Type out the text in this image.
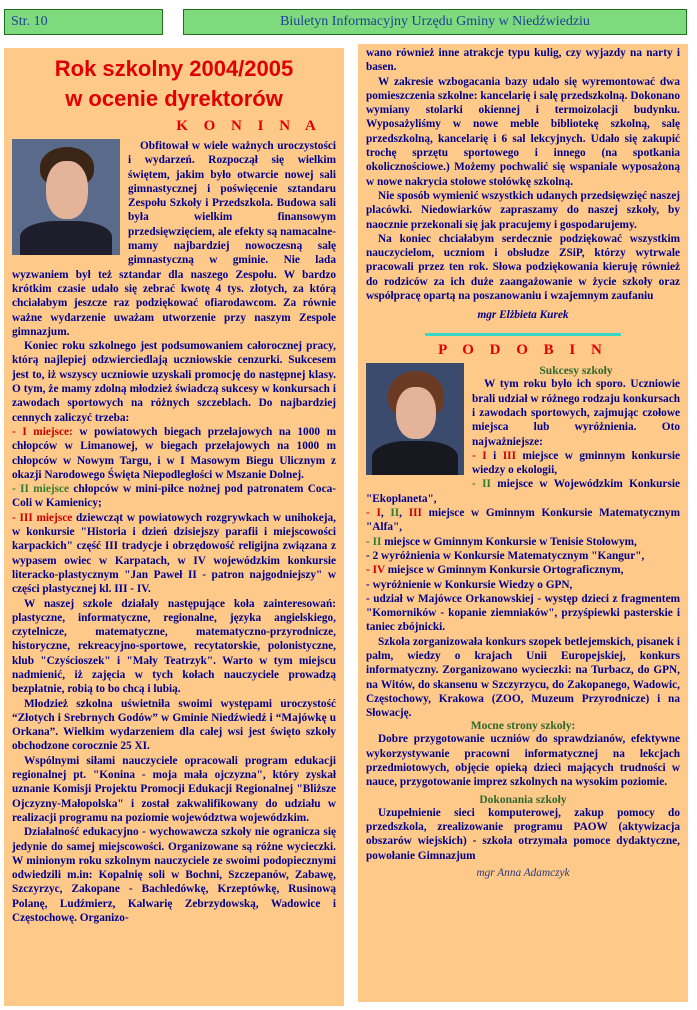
Str. 10	Biuletyn Informacyjny Urzędu Gminy w Niedźwiedziu

Rok szkolny 2004/2005

w ocenie dyrektorów

K O N I N A

Obfitował w wiele ważnych uroczystości i wydarzeń. Rozpoczął się wielkim świętem, jakim było otwarcie nowej sali gimnastycznej i poświęcenie sztandaru Zespołu Szkoły i Przedszkola. Budowa sali była wielkim finansowym przedsięwzięciem, ale efekty są namacalne-mamy najbardziej nowoczesną salę gimnastyczną w gminie. Nie lada wyzwaniem był też sztandar dla naszego Zespołu. W bardzo krótkim czasie udało się zebrać kwotę 4 tys. złotych, za którą chciałabym jeszcze raz podziękować ofiarodawcom. Za równie ważne wydarzenie uważam utworzenie przy naszym Zespole gimnazjum.

Koniec roku szkolnego jest podsumowaniem całorocznej pracy, którą najlepiej odzwierciedlają uczniowskie cenzurki. Sukcesem jest to, iż wszyscy uczniowie uzyskali promocję do następnej klasy. O tym, że mamy zdolną młodzież świadczą sukcesy w konkursach i zawodach sportowych na różnych szczeblach. Do najbardziej cennych zaliczyć trzeba:

- I miejsce: w powiatowych biegach przełajowych na 1000 m chłopców w Limanowej, w biegach przełajowych na 1000 m chłopców w Nowym Targu, i w I Masowym Biegu Ulicznym z okazji Narodowego Święta Niepodległości w Mszanie Dolnej.

- II miejsce chłopców w mini-piłce nożnej pod patronatem Coca-Coli w Kamienicy;

- III miejsce dziewcząt w powiatowych rozgrywkach w unihokeja, w konkursie "Historia i dzień dzisiejszy parafii i miejscowości karpackich" część III tradycje i obrzędowość religijna związana z wypasem owiec w Karpatach, w IV wojewódzkim konkursie literacko-plastycznym "Jan Paweł II - patron najgodniejszy" w części plastycznej kl. III - IV.

W naszej szkole działały następujące koła zainteresowań: plastyczne, informatyczne, regionalne, języka angielskiego, czytelnicze, matematyczne, matematyczno-przyrodnicze, historyczne, rekreacyjno-sportowe, recytatorskie, polonistyczne, klub "Czyścioszek" i "Mały Teatrzyk". Warto w tym miejscu nadmienić, iż zajęcia w tych kołach nauczyciele prowadzą bezpłatnie, robią to bo chcą i lubią.

Młodzież szkolna uświetniła swoimi występami uroczystość “Złotych i Srebrnych Godów” w Gminie Niedźwiedź i “Majówkę u Orkana”. Wielkim wydarzeniem dla całej wsi jest święto szkoły obchodzone corocznie 25 XI.

Wspólnymi siłami nauczyciele opracowali program edukacji regionalnej pt. "Konina - moja mała ojczyzna", który zyskał uznanie Komisji Projektu Promocji Edukacji Regionalnej "Bliższe Ojczyzny-Małopolska" i został zakwalifikowany do udziału w realizacji programu na poziomie województwa wojewódzkim.

Działalność edukacyjno - wychowawcza szkoły nie ogranicza się jedynie do samej miejscowości. Organizowane są różne wycieczki. W minionym roku szkolnym nauczyciele ze swoimi podopiecznymi odwiedzili m.in: Kopalnię soli w Bochni, Szczepanów, Zabawę, Szczyrzyc, Zakopane - Bachledówkę, Krzeptówkę, Rusinową Polanę, Ludźmierz, Kalwarię Zebrzydowską, Wadowice i Częstochowę. Organizo-

wano również inne atrakcje typu kulig, czy wyjazdy na narty i basen.

W zakresie wzbogacania bazy udało się wyremontować dwa pomieszczenia szkolne: kancelarię i salę przedszkolną. Dokonano wymiany stolarki okiennej i termoizolacji budynku. Wyposażyliśmy w nowe meble bibliotekę szkolną, salę przedszkolną, kancelarię i 6 sal lekcyjnych. Udało się zakupić trochę sprzętu sportowego i innego (na spotkania okolicznościowe.) Możemy pochwalić się wspaniale wyposażoną w nowe nakrycia stołowe stołówkę szkolną.

Nie sposób wymienić wszystkich udanych przedsięwzięć naszej placówki. Niedowiarków zapraszamy do naszej szkoły, by naocznie przekonali się jak pracujemy i gospodarujemy.

Na koniec chciałabym serdecznie podziękować wszystkim nauczycielom, uczniom i obsłudze ZSiP, którzy wytrwale pracowali przez ten rok. Słowa podziękowania kieruję również do rodziców za ich duże zaangażowanie w życie szkoły oraz współpracę opartą na poszanowaniu i wzajemnym zaufaniu

mgr Elżbieta Kurek

P O D O B I N

Sukcesy szkoły

W tym roku było ich sporo. Uczniowie brali udział w różnego rodzaju konkursach i zawodach sportowych, zajmując czołowe miejsca lub wyróżnienia. Oto najważniejsze:

- I i III miejsce w gminnym konkursie wiedzy o ekologii,

- II miejsce w Wojewódzkim Konkursie "Ekoplaneta",

- I, II, III miejsce w Gminnym Konkursie Matematycznym "Alfa",

- II miejsce w Gminnym Konkursie w Tenisie Stołowym,

- 2 wyróżnienia w Konkursie Matematycznym "Kangur",

- IV miejsce w Gminnym Konkursie Ortograficznym,

- wyróżnienie w Konkursie Wiedzy o GPN,

- udział w Majówce Orkanowskiej - występ dzieci z fragmentem "Komorników - kopanie ziemniaków", przyśpiewki pasterskie i taniec zbójnicki.

Szkoła zorganizowała konkurs szopek betlejemskich, pisanek i palm, wiedzy o krajach Unii Europejskiej, konkurs informatyczny. Zorganizowano wycieczki: na Turbacz, do GPN, na Witów, do skansenu w Szczyrzycu, do Zakopanego, Wadowic, Częstochowy, Krakowa (ZOO, Muzeum Przyrodnicze) i na Słowację.

Mocne strony szkoły:

Dobre przygotowanie uczniów do sprawdzianów, efektywne wykorzystywanie pracowni informatycznej na lekcjach przedmiotowych, objęcie opieką dzieci mających trudności w nauce, przygotowanie imprez szkolnych na wysokim poziomie.

Dokonania szkoły

Uzupełnienie sieci komputerowej, zakup pomocy do przedszkola, zrealizowanie programu PAOW (aktywizacja obszarów wiejskich) - szkoła otrzymała pomoce dydaktyczne, powołanie Gimnazjum

mgr Anna Adamczyk
